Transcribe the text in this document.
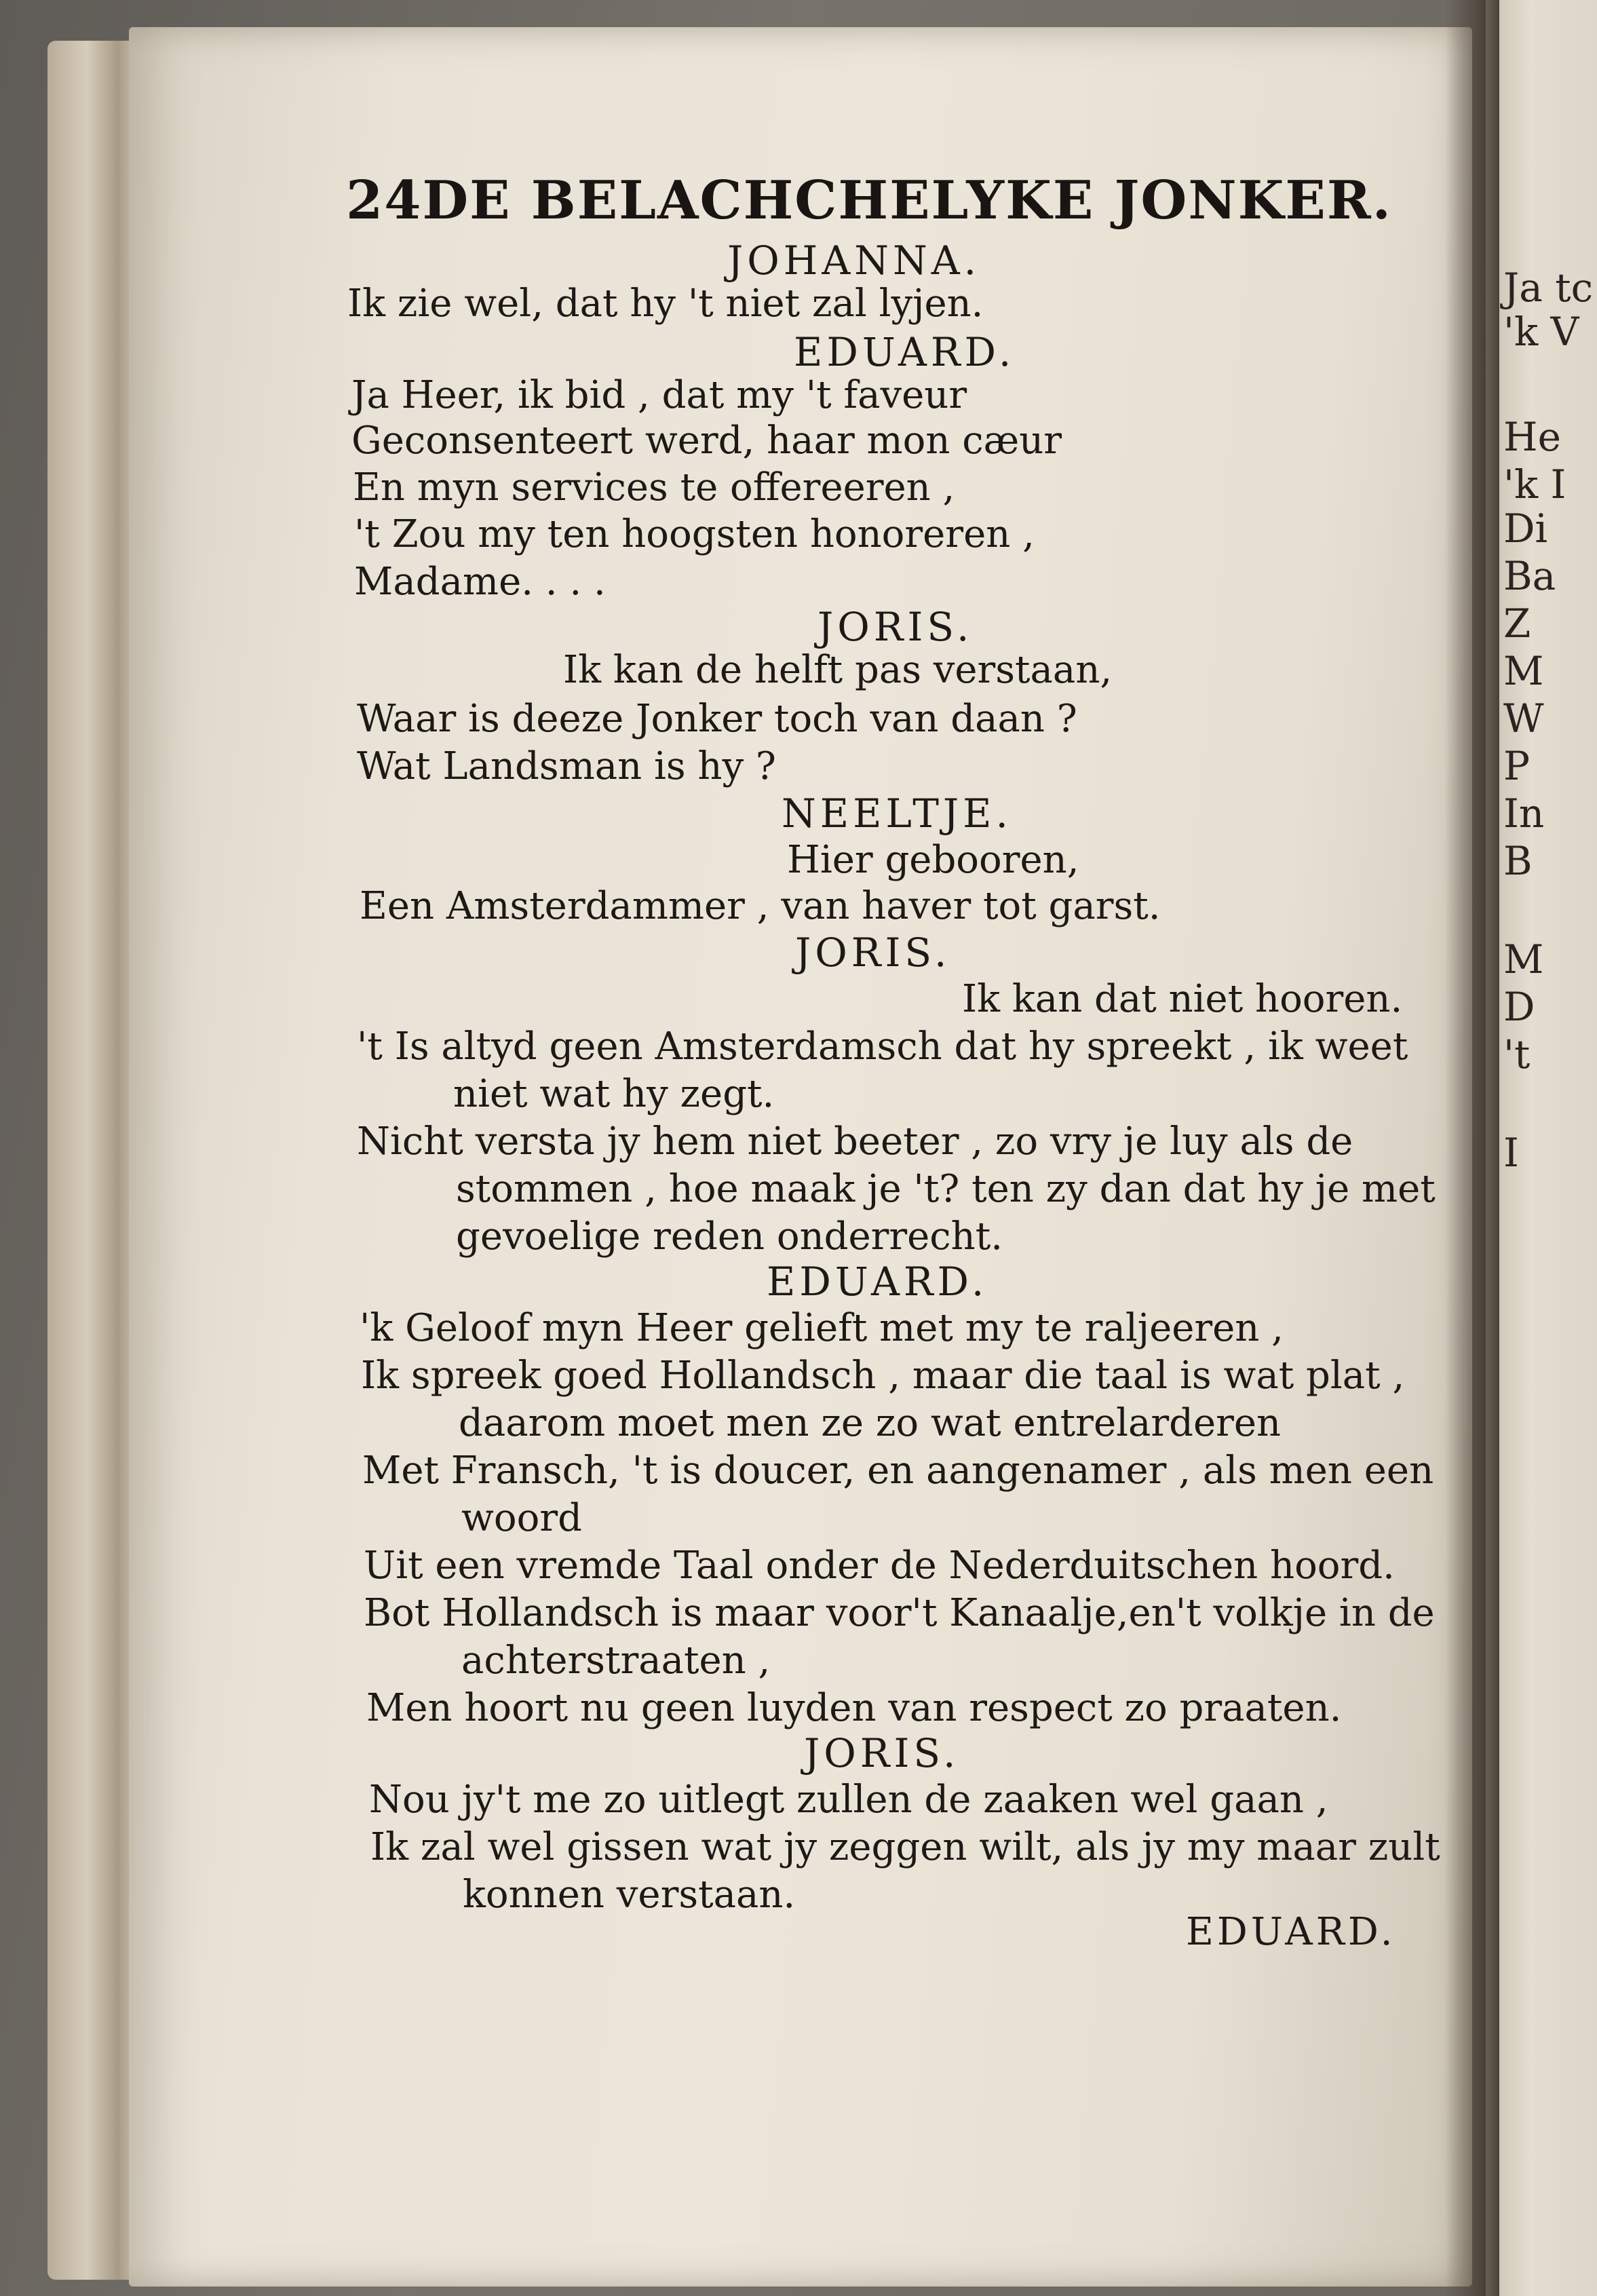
Ja tc
'k V
He
'k I
Di
Ba
Z
M
W
P
In
B
M
D
't
I
24DE BELACHCHELYKE JONKER.
JOHANNA.
Ik zie wel, dat hy 't niet zal lyjen.
EDUARD.
Ja Heer, ik bid , dat my 't faveur
Geconsenteert werd, haar mon cæur
En myn services te offereeren ,
't Zou my ten hoogsten honoreren ,
Madame. . . .
JORIS.
Ik kan de helft pas verstaan,
Waar is deeze Jonker toch van daan ?
Wat Landsman is hy ?
NEELTJE.
Hier gebooren,
Een Amsterdammer , van haver tot garst.
JORIS.
Ik kan dat niet hooren.
't Is altyd geen Amsterdamsch dat hy spreekt , ik weet
niet wat hy zegt.
Nicht versta jy hem niet beeter , zo vry je luy als de
stommen , hoe maak je 't? ten zy dan dat hy je met
gevoelige reden onderrecht.
EDUARD.
'k Geloof myn Heer gelieft met my te raljeeren ,
Ik spreek goed Hollandsch , maar die taal is wat plat ,
daarom moet men ze zo wat entrelarderen
Met Fransch, 't is doucer, en aangenamer , als men een
woord
Uit een vremde Taal onder de Nederduitschen hoord.
Bot Hollandsch is maar voor't Kanaalje,en't volkje in de
achterstraaten ,
Men hoort nu geen luyden van respect zo praaten.
JORIS.
Nou jy't me zo uitlegt zullen de zaaken wel gaan ,
Ik zal wel gissen wat jy zeggen wilt, als jy my maar zult
konnen verstaan.
EDUARD.
